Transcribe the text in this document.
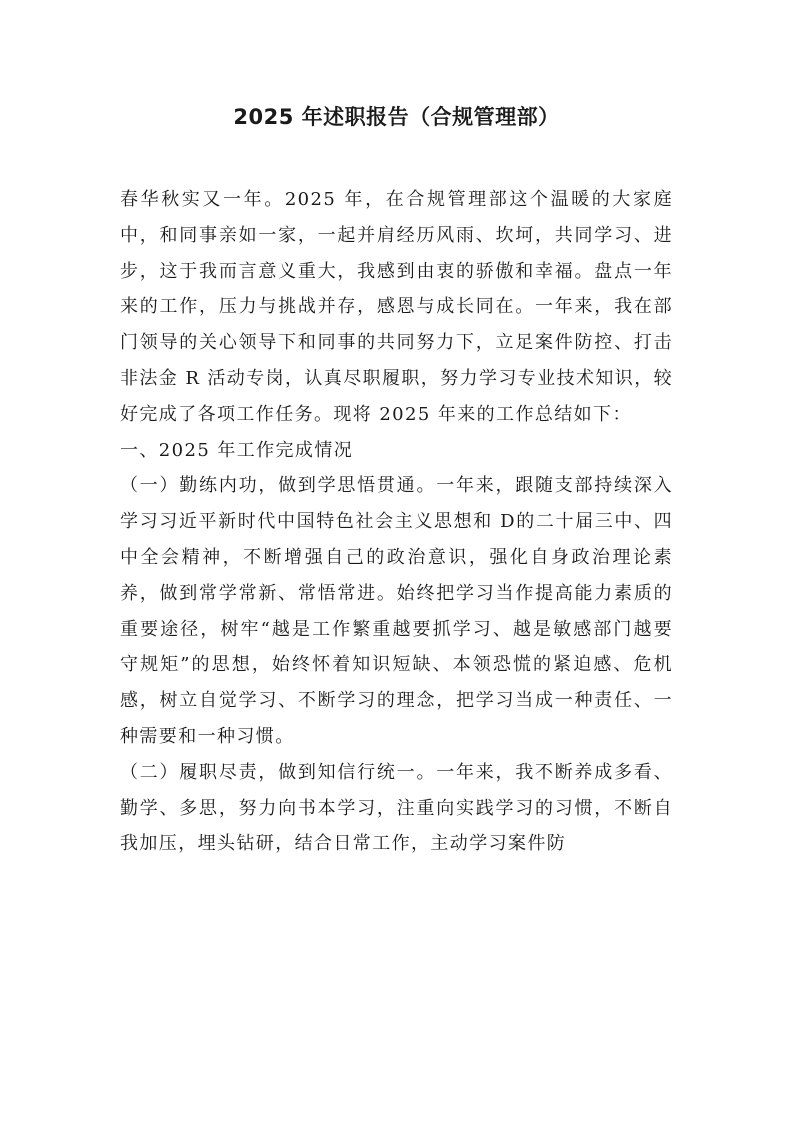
2025 年述职报告（合规管理部）

春华秋实又一年。2025 年，在合规管理部这个温暖的大家庭中，和同事亲如一家，一起并肩经历风雨、坎坷，共同学习、进步，这于我而言意义重大，我感到由衷的骄傲和幸福。盘点一年来的工作，压力与挑战并存，感恩与成长同在。一年来，我在部门领导的关心领导下和同事的共同努力下，立足案件防控、打击非法金 R 活动专岗，认真尽职履职，努力学习专业技术知识，较好完成了各项工作任务。现将 2025 年来的工作总结如下：

一、2025 年工作完成情况

（一）勤练内功，做到学思悟贯通。一年来，跟随支部持续深入学习习近平新时代中国特色社会主义思想和 D的二十届三中、四中全会精神，不断增强自己的政治意识，强化自身政治理论素养，做到常学常新、常悟常进。始终把学习当作提高能力素质的重要途径，树牢“越是工作繁重越要抓学习、越是敏感部门越要守规矩”的思想，始终怀着知识短缺、本领恐慌的紧迫感、危机感，树立自觉学习、不断学习的理念，把学习当成一种责任、一种需要和一种习惯。

（二）履职尽责，做到知信行统一。一年来，我不断养成多看、勤学、多思，努力向书本学习，注重向实践学习的习惯，不断自我加压，埋头钻研，结合日常工作，主动学习案件防
